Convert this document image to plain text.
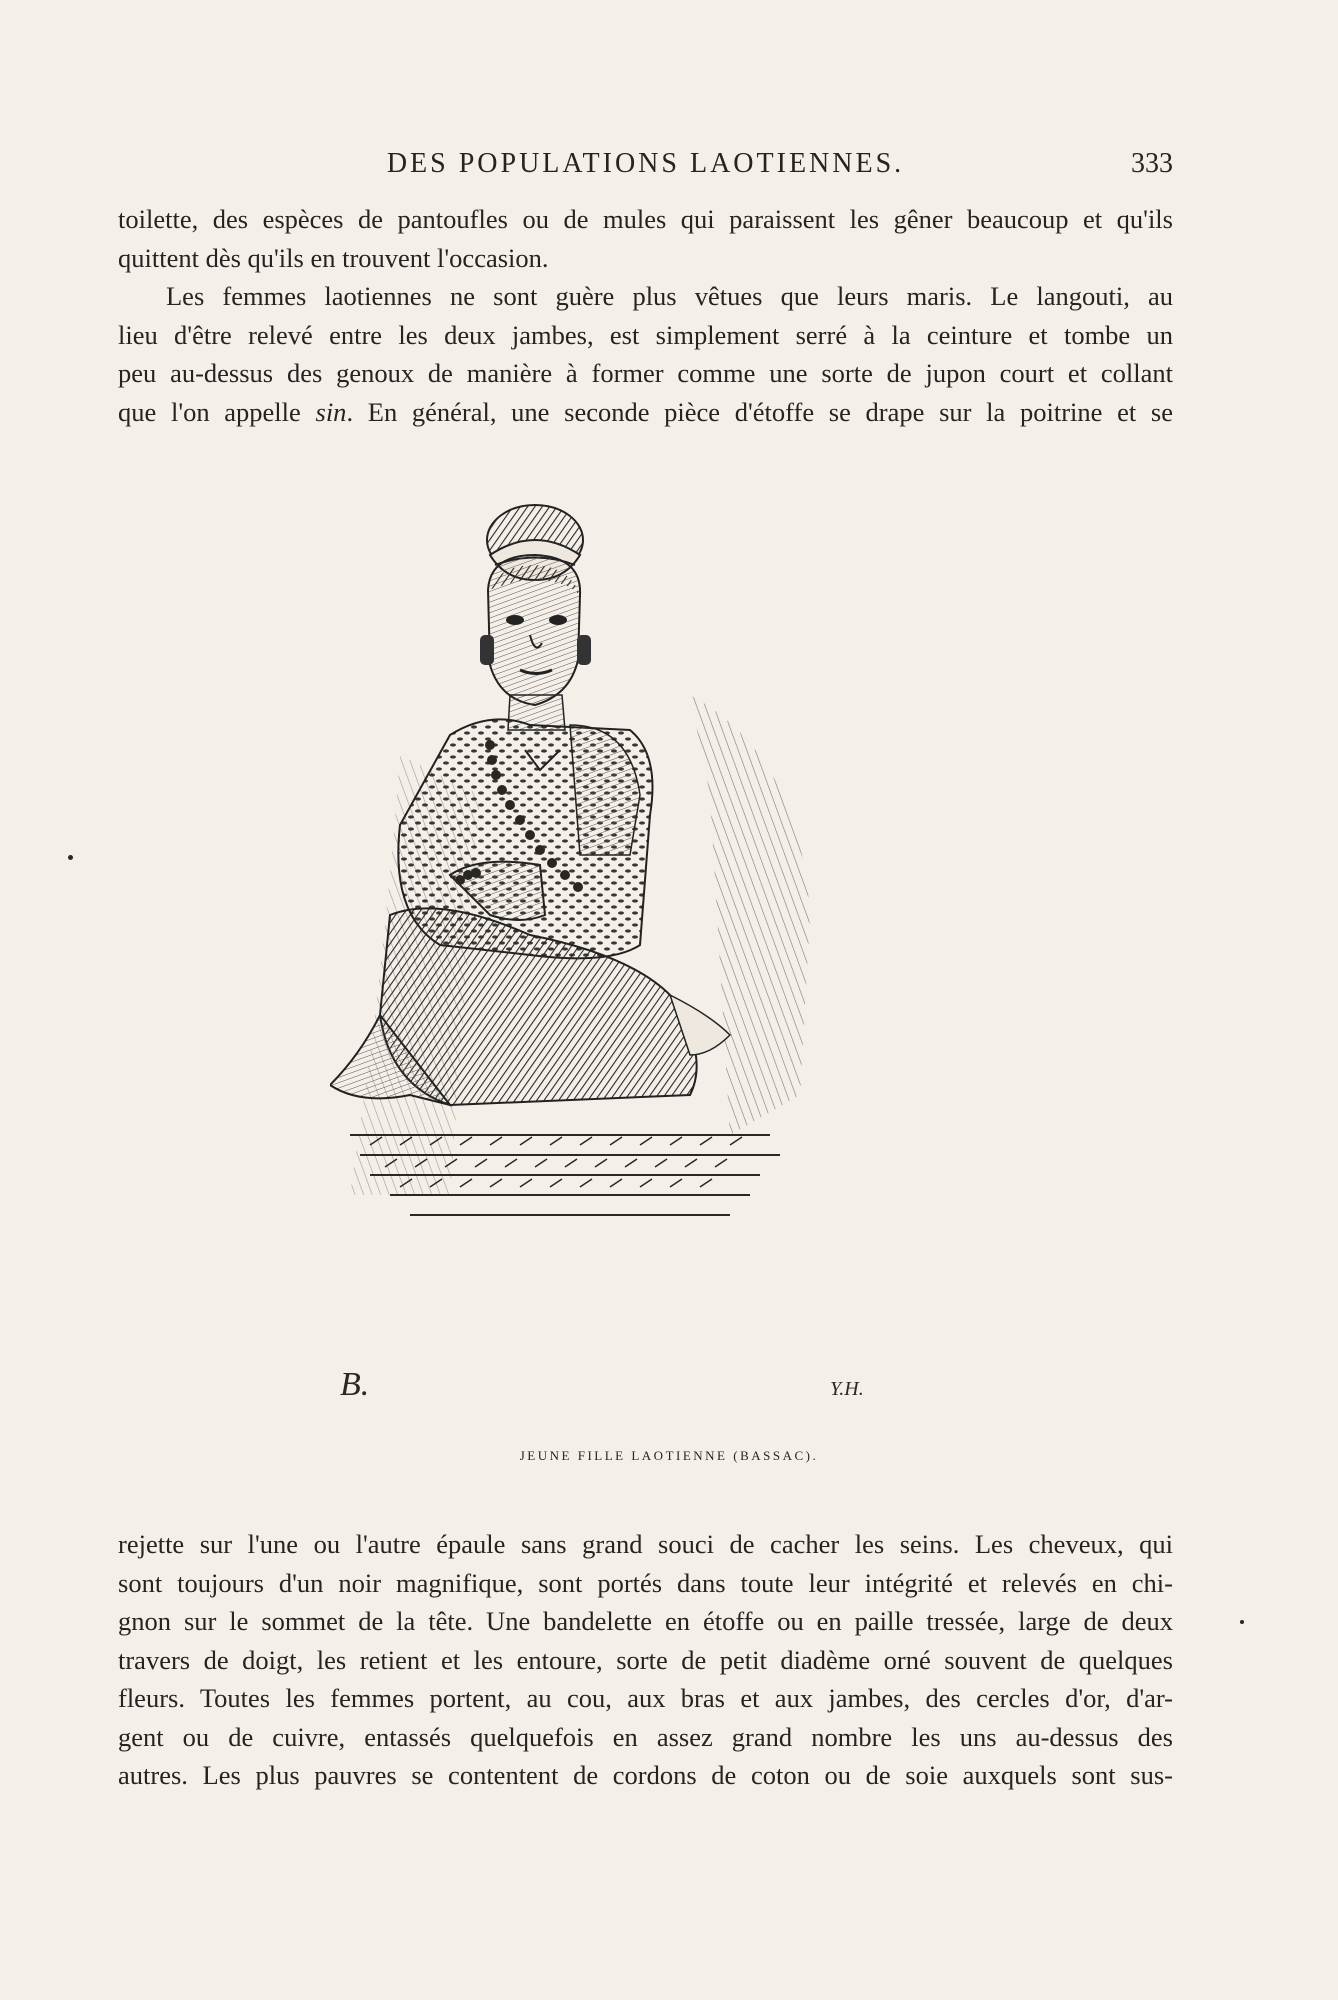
DES POPULATIONS LAOTIENNES.	333
toilette, des espèces de pantoufles ou de mules qui paraissent les gêner beaucoup et qu'ils
quittent dès qu'ils en trouvent l'occasion.
Les femmes laotiennes ne sont guère plus vêtues que leurs maris. Le langouti, au
lieu d'être relevé entre les deux jambes, est simplement serré à la ceinture et tombe un
peu au-dessus des genoux de manière à former comme une sorte de jupon court et collant
que l'on appelle sin. En général, une seconde pièce d'étoffe se drape sur la poitrine et se
B.	Y.H.
JEUNE FILLE LAOTIENNE (BASSAC).
rejette sur l'une ou l'autre épaule sans grand souci de cacher les seins. Les cheveux, qui
sont toujours d'un noir magnifique, sont portés dans toute leur intégrité et relevés en chi-
gnon sur le sommet de la tête. Une bandelette en étoffe ou en paille tressée, large de deux
travers de doigt, les retient et les entoure, sorte de petit diadème orné souvent de quelques
fleurs. Toutes les femmes portent, au cou, aux bras et aux jambes, des cercles d'or, d'ar-
gent ou de cuivre, entassés quelquefois en assez grand nombre les uns au-dessus des
autres. Les plus pauvres se contentent de cordons de coton ou de soie auxquels sont sus-
